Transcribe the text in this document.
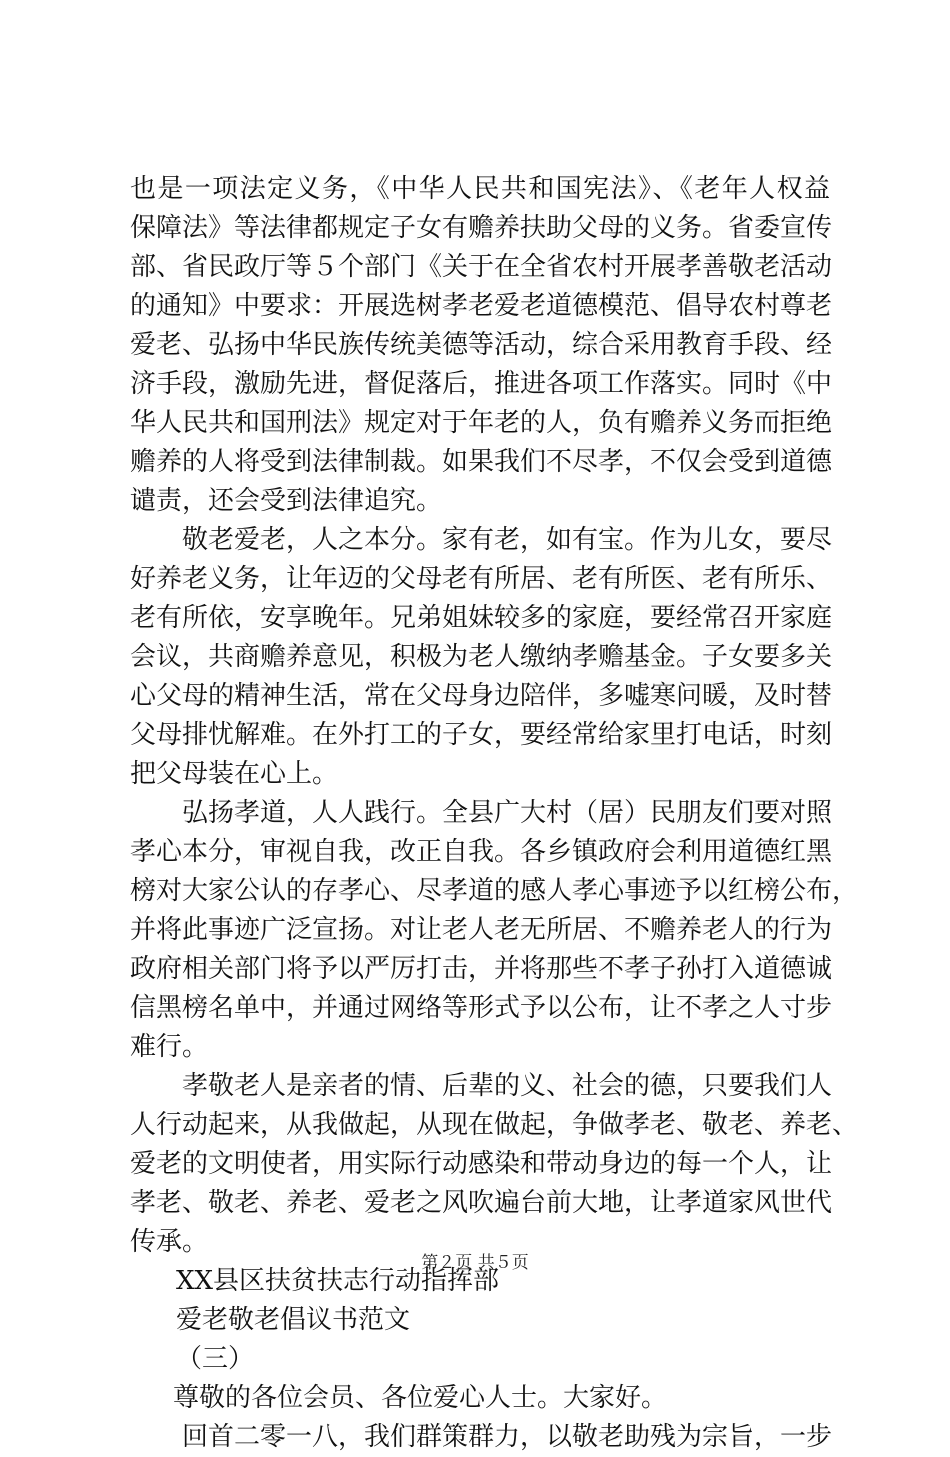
也是一项法定义务，《中华人民共和国宪法》、《老年人权益
保障法》等法律都规定子女有赡养扶助父母的义务。省委宣传
部、省民政厅等５个部门《关于在全省农村开展孝善敬老活动
的通知》中要求：开展选树孝老爱老道德模范、倡导农村尊老
爱老、弘扬中华民族传统美德等活动，综合采用教育手段、经
济手段，激励先进，督促落后，推进各项工作落实。同时《中
华人民共和国刑法》规定对于年老的人，负有赡养义务而拒绝
赡养的人将受到法律制裁。如果我们不尽孝，不仅会受到道德
谴责，还会受到法律追究。
敬老爱老，人之本分。家有老，如有宝。作为儿女，要尽
好养老义务，让年迈的父母老有所居、老有所医、老有所乐、
老有所依，安享晚年。兄弟姐妹较多的家庭，要经常召开家庭
会议，共商赡养意见，积极为老人缴纳孝赡基金。子女要多关
心父母的精神生活，常在父母身边陪伴，多嘘寒问暖，及时替
父母排忧解难。在外打工的子女，要经常给家里打电话，时刻
把父母装在心上。
弘扬孝道，人人践行。全县广大村（居）民朋友们要对照
孝心本分，审视自我，改正自我。各乡镇政府会利用道德红黑
榜对大家公认的存孝心、尽孝道的感人孝心事迹予以红榜公布，
并将此事迹广泛宣扬。对让老人老无所居、不赡养老人的行为
政府相关部门将予以严厉打击，并将那些不孝子孙打入道德诚
信黑榜名单中，并通过网络等形式予以公布，让不孝之人寸步
难行。
孝敬老人是亲者的情、后辈的义、社会的德，只要我们人
人行动起来，从我做起，从现在做起，争做孝老、敬老、养老、
爱老的文明使者，用实际行动感染和带动身边的每一个人，让
孝老、敬老、养老、爱老之风吹遍台前大地，让孝道家风世代
传承。
XX县区扶贫扶志行动指挥部
爱老敬老倡议书范文
（三）
尊敬的各位会员、各位爱心人士。大家好。
回首二零一八，我们群策群力，以敬老助残为宗旨，一步
第２页 共５页
